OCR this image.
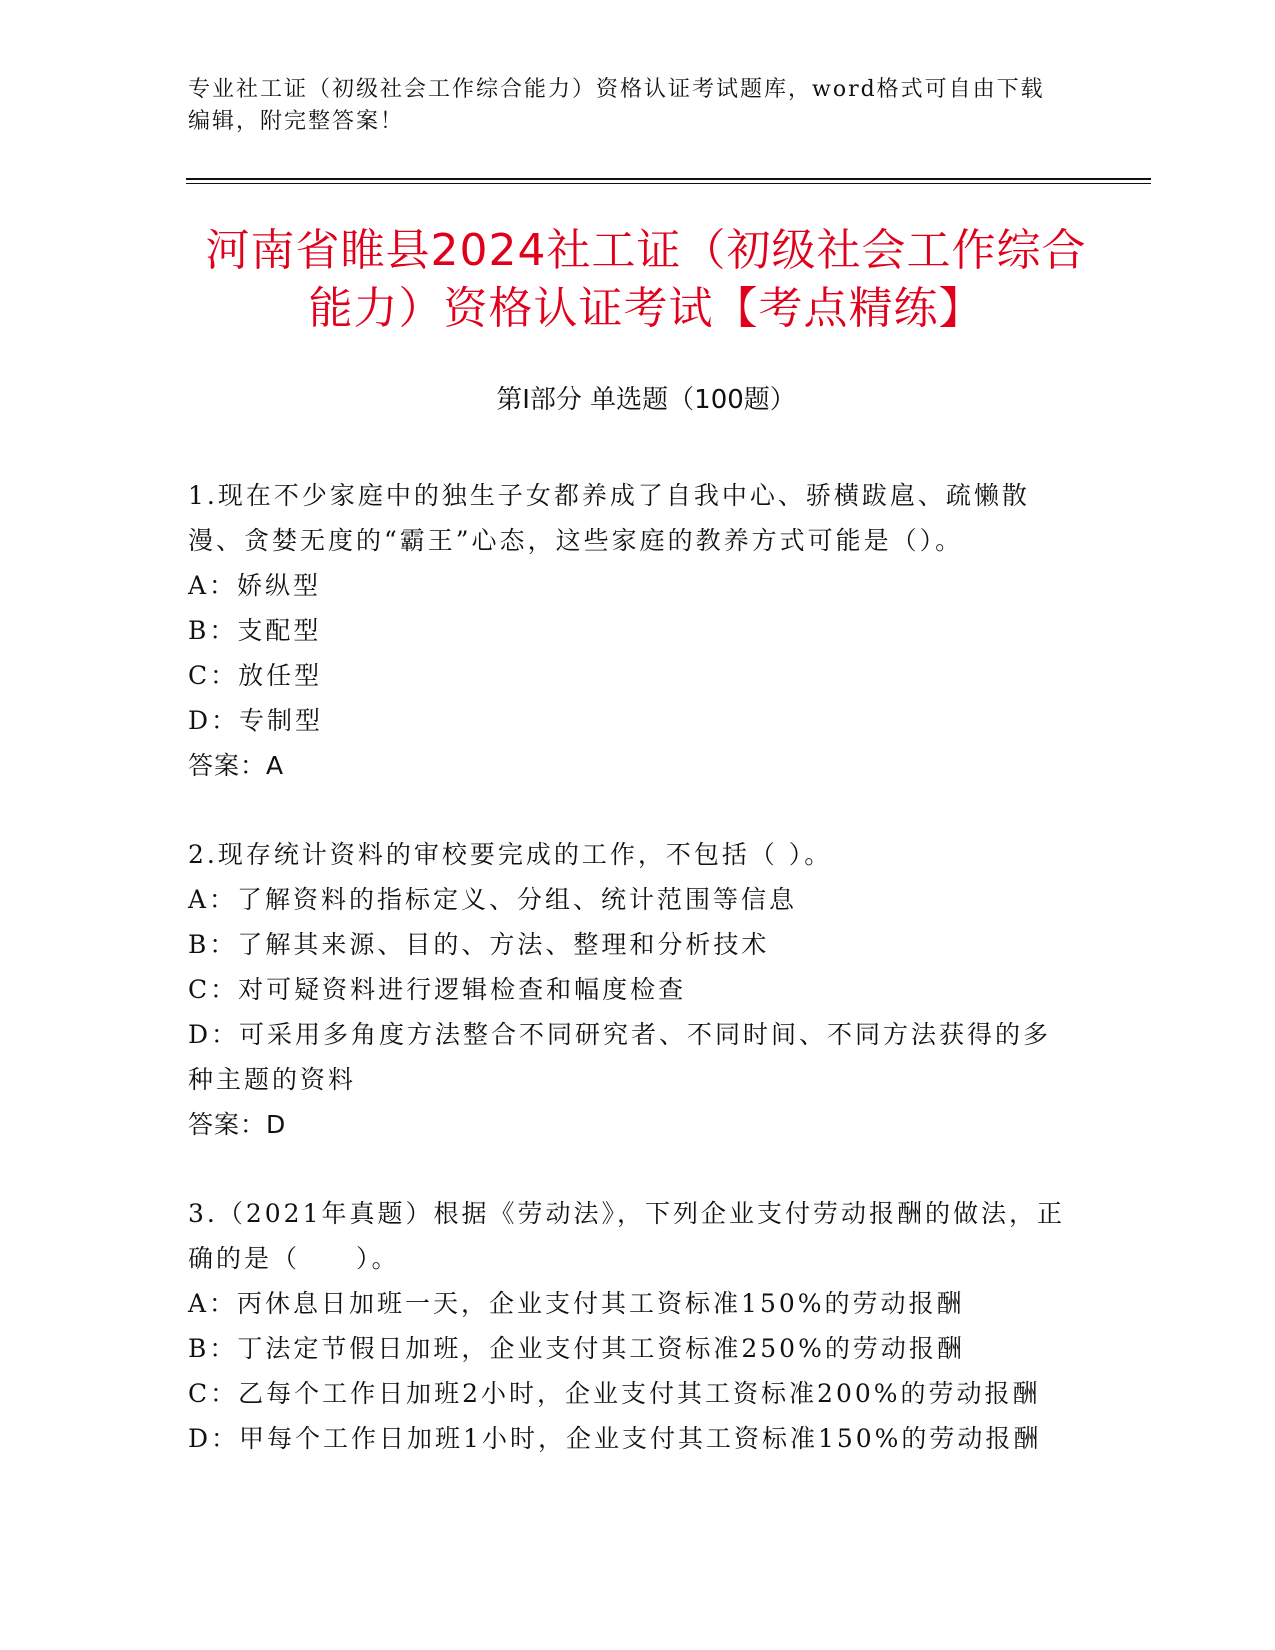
专业社工证（初级社会工作综合能力）资格认证考试题库，word格式可自由下载编辑，附完整答案！
河南省睢县2024社工证（初级社会工作综合能力）资格认证考试【考点精练】
第Ⅰ部分 单选题（100题）
1.现在不少家庭中的独生子女都养成了自我中心、骄横跋扈、疏懒散漫、贪婪无度的“霸王”心态，这些家庭的教养方式可能是（）。
A：娇纵型
B：支配型
C：放任型
D：专制型
答案：A
2.现存统计资料的审校要完成的工作，不包括（ ）。
A：了解资料的指标定义、分组、统计范围等信息
B：了解其来源、目的、方法、整理和分析技术
C：对可疑资料进行逻辑检查和幅度检查
D：可采用多角度方法整合不同研究者、不同时间、不同方法获得的多种主题的资料
答案：D
3.（2021年真题）根据《劳动法》，下列企业支付劳动报酬的做法，正确的是（　　）。
A：丙休息日加班一天，企业支付其工资标准150%的劳动报酬
B：丁法定节假日加班，企业支付其工资标准250%的劳动报酬
C：乙每个工作日加班2小时，企业支付其工资标准200%的劳动报酬
D：甲每个工作日加班1小时，企业支付其工资标准150%的劳动报酬
